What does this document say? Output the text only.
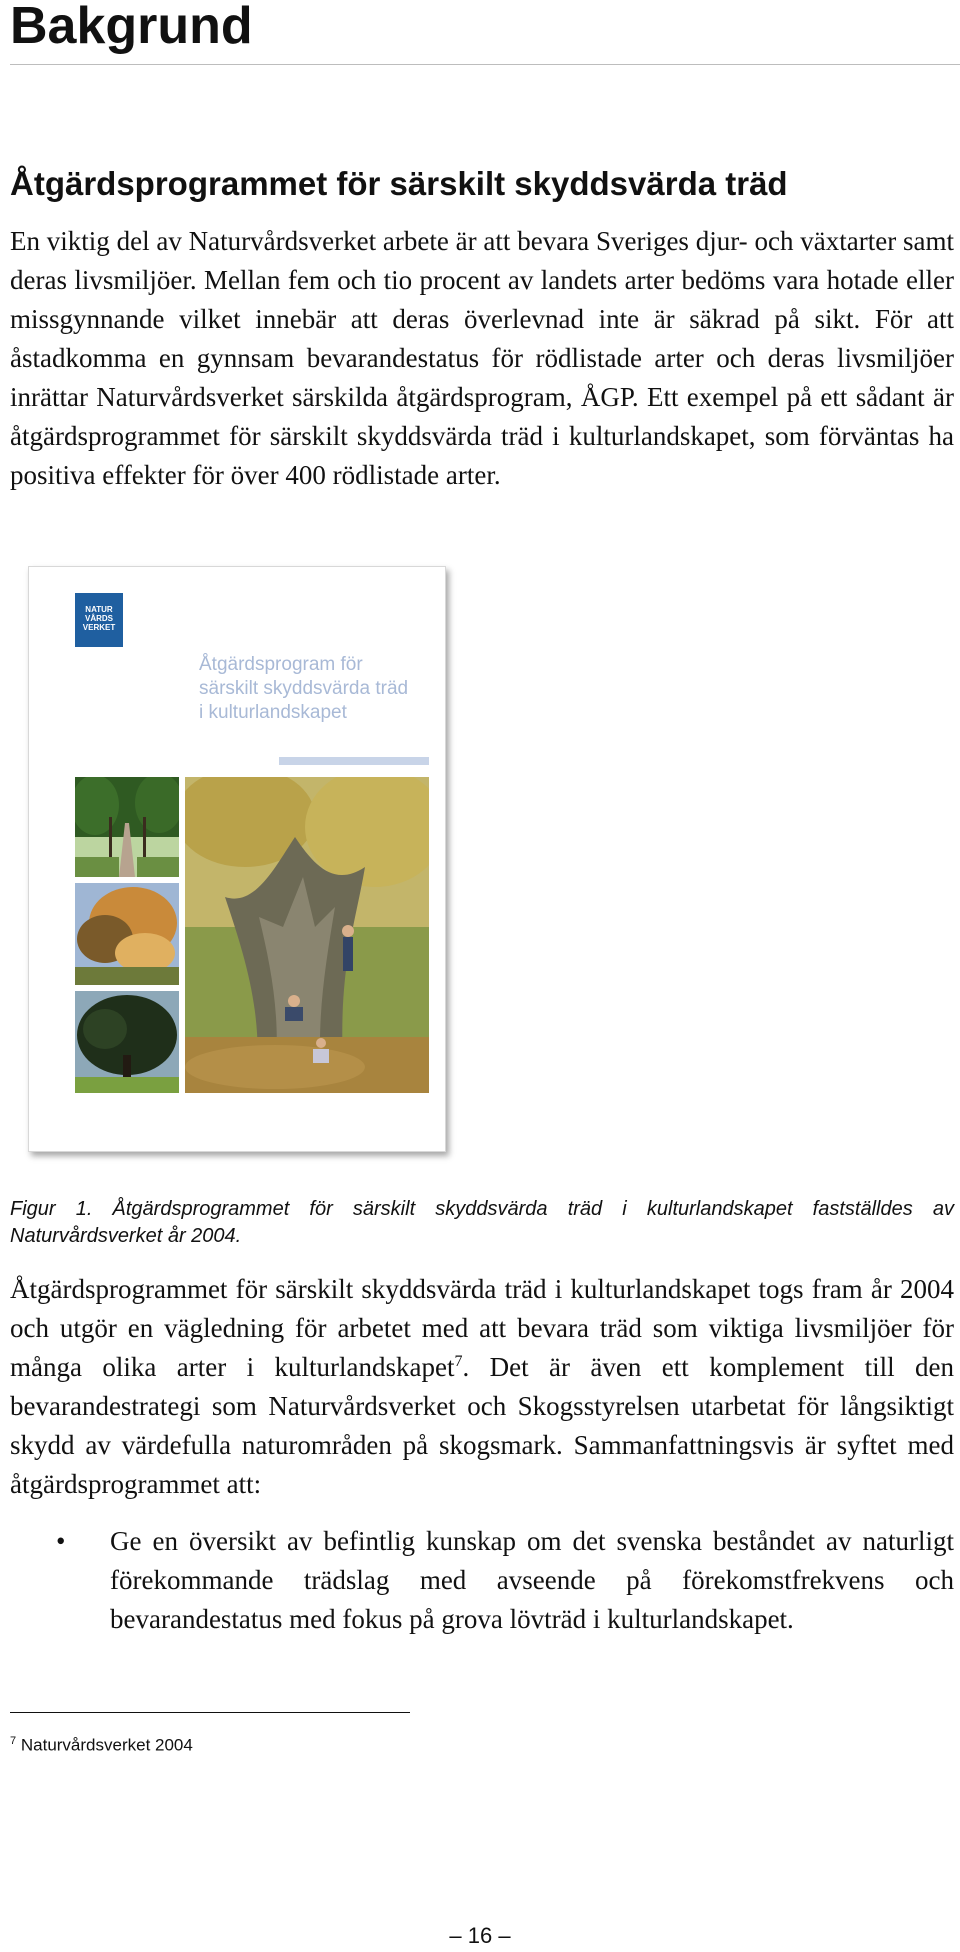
Bakgrund
Åtgärdsprogrammet för särskilt skyddsvärda träd

En viktig del av Naturvårdsverket arbete är att bevara Sveriges djur- och växtarter samt deras livsmiljöer. Mellan fem och tio procent av landets arter bedöms vara hotade eller missgynnande vilket innebär att deras överlevnad inte är säkrad på sikt. För att åstadkomma en gynnsam bevarandestatus för rödlistade arter och deras livsmiljöer inrättar Naturvårdsverket särskilda åtgärdsprogram, ÅGP. Ett exempel på ett sådant är åtgärdsprogrammet för särskilt skyddsvärda träd i kulturlandskapet, som förväntas ha positiva effekter för över 400 rödlistade arter.

NATUR
VÅRDS
VERKET
Åtgärdsprogram för
särskilt skyddsvärda träd
i kulturlandskapet

Figur 1. Åtgärdsprogrammet för särskilt skyddsvärda träd i kulturlandskapet fastställdes av Naturvårdsverket år 2004.

Åtgärdsprogrammet för särskilt skyddsvärda träd i kulturlandskapet togs fram år 2004 och utgör en vägledning för arbetet med att bevara träd som viktiga livsmiljöer för många olika arter i kulturlandskapet$^7$. Det är även ett komplement till den bevarandestrategi som Naturvårdsverket och Skogsstyrelsen utarbetat för långsiktigt skydd av värdefulla naturområden på skogsmark. Sammanfattningsvis är syftet med åtgärdsprogrammet att:

• Ge en översikt av befintlig kunskap om det svenska beståndet av naturligt förekommande trädslag med avseende på förekomstfrekvens och bevarandestatus med fokus på grova lövträd i kulturlandskapet.

$^7$ Naturvårdsverket 2004

– 16 –
